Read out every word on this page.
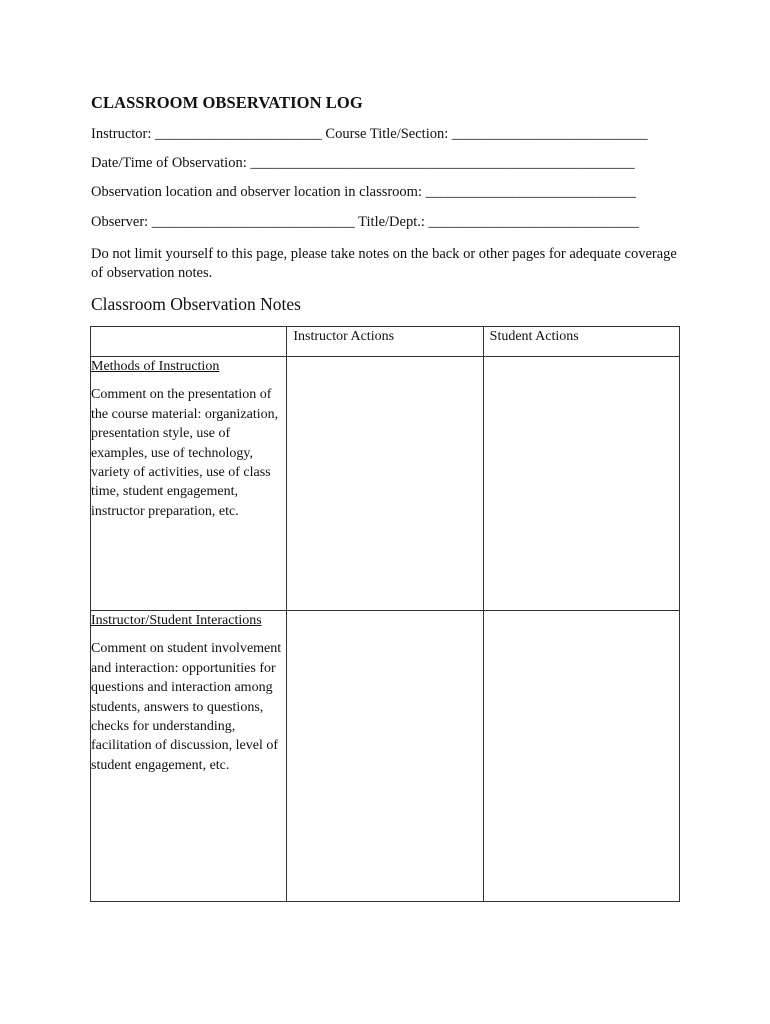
CLASSROOM OBSERVATION LOG
Instructor: _______________________ Course Title/Section: ___________________________
Date/Time of Observation: _____________________________________________________
Observation location and observer location in classroom: _____________________________
Observer: ____________________________ Title/Dept.: _____________________________
Do not limit yourself to this page, please take notes on the back or other pages for adequate coverage of observation notes.
Classroom Observation Notes

	Instructor Actions	Student Actions

Methods of Instruction
Comment on the presentation of the course material: organization, presentation style, use of examples, use of technology, variety of activities, use of class time, student engagement, instructor preparation, etc.		

Instructor/Student Interactions
Comment on student involvement and interaction: opportunities for questions and interaction among students, answers to questions, checks for understanding, facilitation of discussion, level of student engagement, etc.		
